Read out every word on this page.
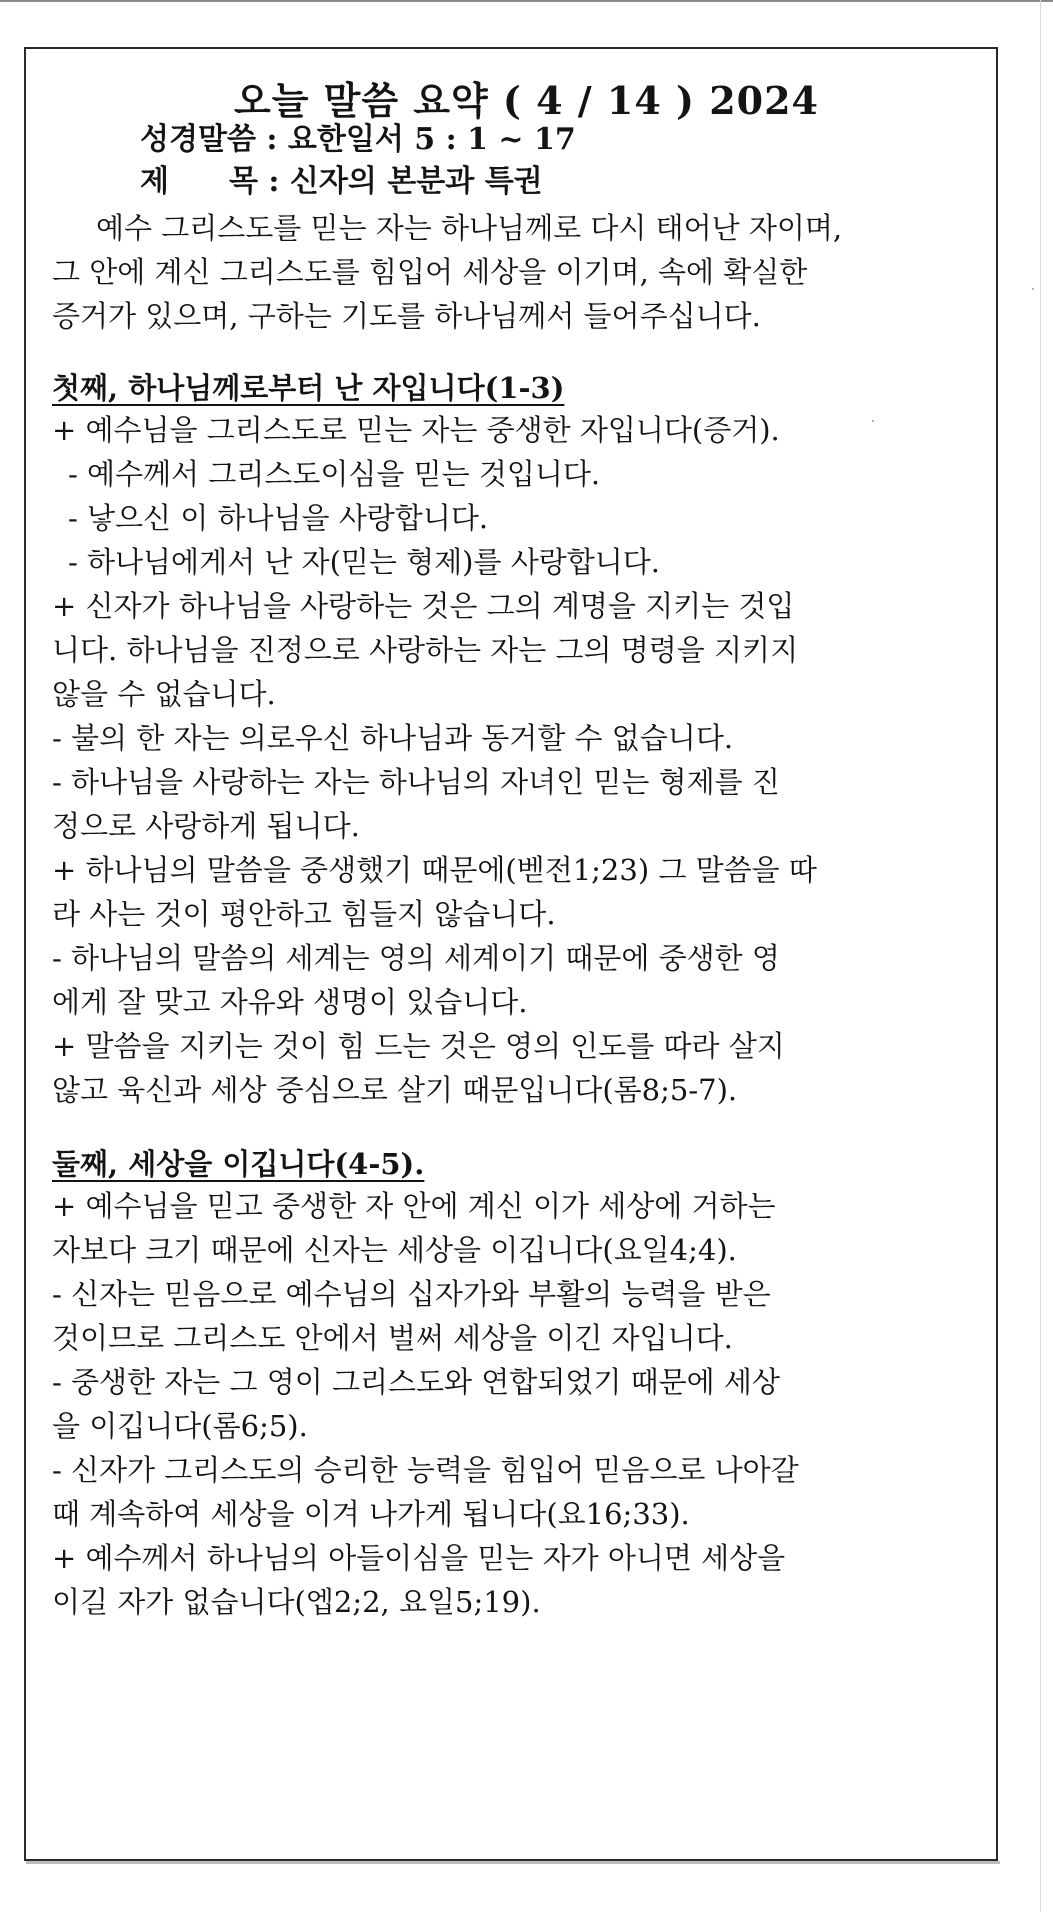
오늘 말씀 요약 ( 4 / 14 ) 2024
성경말씀 : 요한일서 5 : 1 ~ 17
제　　목 : 신자의 본분과 특권
예수 그리스도를 믿는 자는 하나님께로 다시 태어난 자이며,
그 안에 계신 그리스도를 힘입어 세상을 이기며, 속에 확실한
증거가 있으며, 구하는 기도를 하나님께서 들어주십니다.
첫째, 하나님께로부터 난 자입니다(1-3)
+ 예수님을 그리스도로 믿는 자는 중생한 자입니다(증거).
- 예수께서 그리스도이심을 믿는 것입니다.
- 낳으신 이 하나님을 사랑합니다.
- 하나님에게서 난 자(믿는 형제)를 사랑합니다.
+ 신자가 하나님을 사랑하는 것은 그의 계명을 지키는 것입
니다. 하나님을 진정으로 사랑하는 자는 그의 명령을 지키지
않을 수 없습니다.
- 불의 한 자는 의로우신 하나님과 동거할 수 없습니다.
- 하나님을 사랑하는 자는 하나님의 자녀인 믿는 형제를 진
정으로 사랑하게 됩니다.
+ 하나님의 말씀을 중생했기 때문에(벧전1;23) 그 말씀을 따
라 사는 것이 평안하고 힘들지 않습니다.
- 하나님의 말씀의 세계는 영의 세계이기 때문에 중생한 영
에게 잘 맞고 자유와 생명이 있습니다.
+ 말씀을 지키는 것이 힘 드는 것은 영의 인도를 따라 살지
않고 육신과 세상 중심으로 살기 때문입니다(롬8;5-7).
둘째, 세상을 이깁니다(4-5).
+ 예수님을 믿고 중생한 자 안에 계신 이가 세상에 거하는
자보다 크기 때문에 신자는 세상을 이깁니다(요일4;4).
- 신자는 믿음으로 예수님의 십자가와 부활의 능력을 받은
것이므로 그리스도 안에서 벌써 세상을 이긴 자입니다.
- 중생한 자는 그 영이 그리스도와 연합되었기 때문에 세상
을 이깁니다(롬6;5).
- 신자가 그리스도의 승리한 능력을 힘입어 믿음으로 나아갈
때 계속하여 세상을 이겨 나가게 됩니다(요16;33).
+ 예수께서 하나님의 아들이심을 믿는 자가 아니면 세상을
이길 자가 없습니다(엡2;2, 요일5;19).
